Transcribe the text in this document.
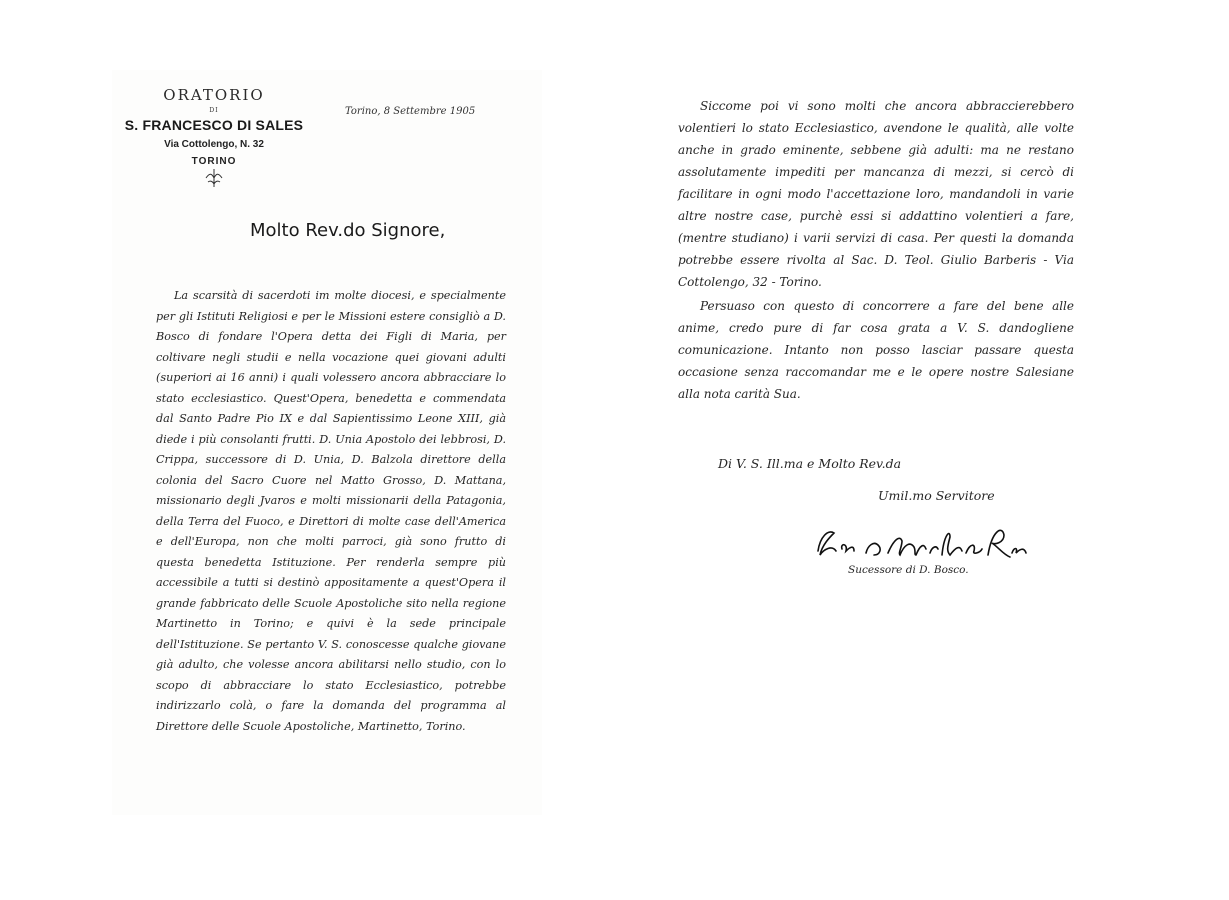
ORATORIO
DI
S. FRANCESCO DI SALES
Via Cottolengo, N. 32
TORINO
Torino, 8 Settembre 1905
Molto Rev.do Signore,

La scarsità di sacerdoti im molte diocesi, e specialmente per gli Istituti Religiosi e per le Missioni estere consigliò a D. Bosco di fondare l'Opera detta dei Figli di Maria, per coltivare negli studii e nella vocazione quei giovani adulti (superiori ai 16 anni) i quali volessero ancora abbracciare lo stato ecclesiastico. Quest'Opera, benedetta e commendata dal Santo Padre Pio IX e dal Sapientissimo Leone XIII, già diede i più consolanti frutti. D. Unia Apostolo dei lebbrosi, D. Crippa, successore di D. Unia, D. Balzola direttore della colonia del Sacro Cuore nel Matto Grosso, D. Mattana, missionario degli Jvaros e molti missionarii della Patagonia, della Terra del Fuoco, e Direttori di molte case dell'America e dell'Europa, non che molti parroci, già sono frutto di questa benedetta Istituzione. Per renderla sempre più accessibile a tutti si destinò appositamente a quest'Opera il grande fabbricato delle Scuole Apostoliche sito nella regione Martinetto in Torino; e quivi è la sede principale dell'Istituzione. Se pertanto V. S. conoscesse qualche giovane già adulto, che volesse ancora abilitarsi nello studio, con lo scopo di abbracciare lo stato Ecclesiastico, potrebbe indirizzarlo colà, o fare la domanda del programma al Direttore delle Scuole Apostoliche, Martinetto, Torino.

Siccome poi vi sono molti che ancora abbraccierebbero volentieri lo stato Ecclesiastico, avendone le qualità, alle volte anche in grado eminente, sebbene già adulti: ma ne restano assolutamente impediti per mancanza di mezzi, si cercò di facilitare in ogni modo l'accettazione loro, mandandoli in varie altre nostre case, purchè essi si addattino volentieri a fare, (mentre studiano) i varii servizi di casa. Per questi la domanda potrebbe essere rivolta al Sac. D. Teol. Giulio Barberis - Via Cottolengo, 32 - Torino.

Persuaso con questo di concorrere a fare del bene alle anime, credo pure di far cosa grata a V. S. dandogliene comunicazione. Intanto non posso lasciar passare questa occasione senza raccomandar me e le opere nostre Salesiane alla nota carità Sua.

Di V. S. Ill.ma e Molto Rev.da
Umil.mo Servitore
Sucessore di D. Bosco.
